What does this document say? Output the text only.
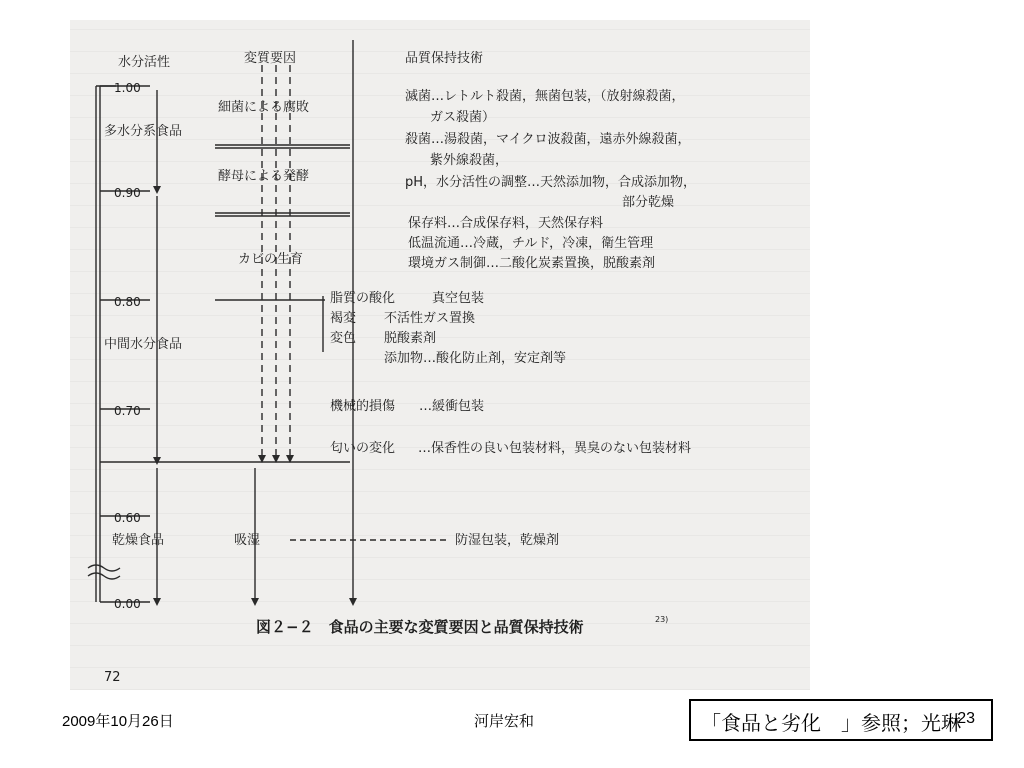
水分活性	変質要因	品質保持技術
1.00
0.90
0.80
0.70
0.60
0.00
多水分系食品
中間水分食品
乾燥食品
細菌による腐敗
酵母による発酵
カビの生育
脂質の酸化
褐変
変色
機械的損傷
匂いの変化
吸湿
滅菌…レトルト殺菌，無菌包装，（放射線殺菌，
ガス殺菌）
殺菌…湯殺菌，マイクロ波殺菌，遠赤外線殺菌，
紫外線殺菌，
pH，水分活性の調整…天然添加物，合成添加物，
部分乾燥
保存料…合成保存料，天然保存料
低温流通…冷蔵，チルド，冷凍，衛生管理
環境ガス制御…二酸化炭素置換，脱酸素剤
真空包装
不活性ガス置換
脱酸素剤
添加物…酸化防止剤，安定剤等
…緩衝包装
…保香性の良い包装材料，異臭のない包装材料
防湿包装，乾燥剤
図２−２　食品の主要な変質要因と品質保持技術	23)
72
2009年10月26日	河岸宏和	「食品と劣化　」参照；光琳
23
